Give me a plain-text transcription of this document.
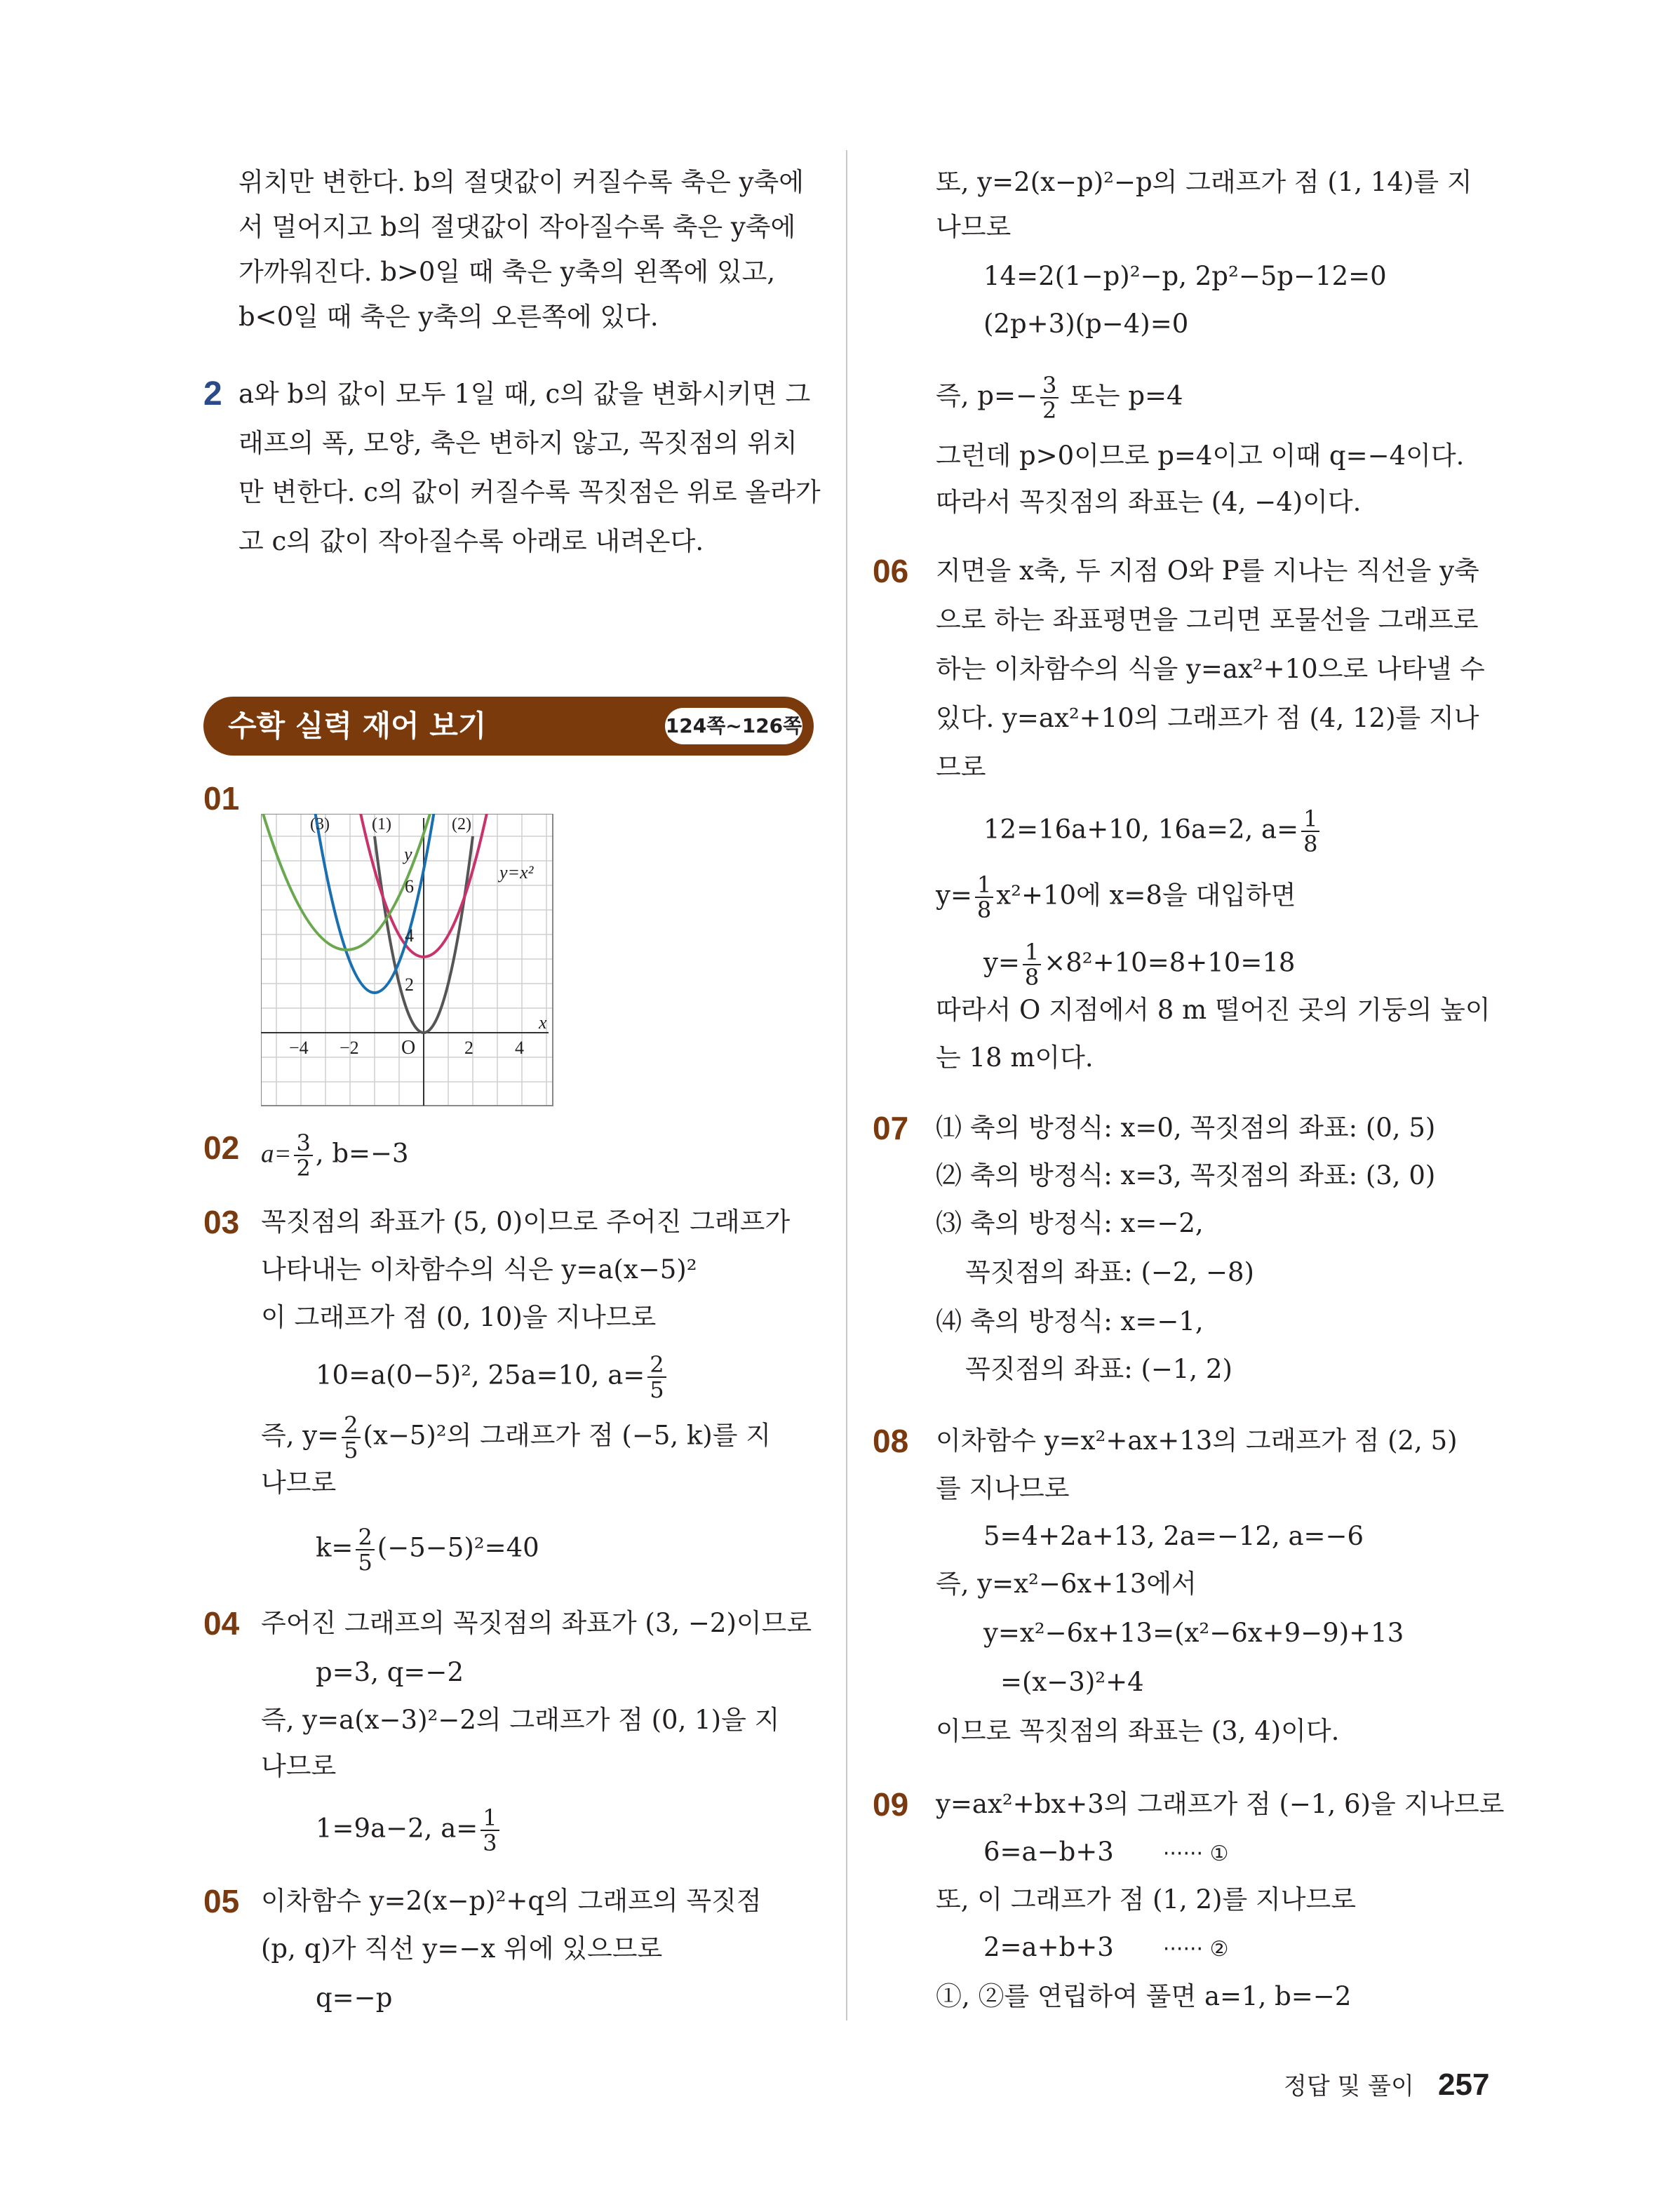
위치만 변한다. b의 절댓값이 커질수록 축은 y축에
서 멀어지고 b의 절댓값이 작아질수록 축은 y축에
가까워진다. b>0일 때 축은 y축의 왼쪽에 있고,
b<0일 때 축은 y축의 오른쪽에 있다.
2 a와 b의 값이 모두 1일 때, c의 값을 변화시키면 그
래프의 폭, 모양, 축은 변하지 않고, 꼭짓점의 위치
만 변한다. c의 값이 커질수록 꼭짓점은 위로 올라가
고 c의 값이 작아질수록 아래로 내려온다.
수학 실력 재어 보기	124쪽~126쪽
01
(3)	(1)	(2)
y=x²
y
x
O
−4 −2	2 4
2
4
6
02 $a= \frac{3}{2}$ , b=−3
03 꼭짓점의 좌표가 (5, 0)이므로 주어진 그래프가
나타내는 이차함수의 식은 y=a(x−5)²
이 그래프가 점 (0, 10)을 지나므로
10=a(0−5)², 25a=10, $a= \frac{2}{5}$
즉, $y= \frac{2}{5} (x-5)^2$의 그래프가 점 (−5, k)를 지
나므로
$k= \frac{2}{5} (-5-5)^2=40$
04 주어진 그래프의 꼭짓점의 좌표가 (3, −2)이므로
p=3, q=−2
즉, y=a(x−3)²−2의 그래프가 점 (0, 1)을 지
나므로
1=9a−2, $a= \frac{1}{3}$
05 이차함수 y=2(x−p)²+q의 그래프의 꼭짓점
(p, q)가 직선 y=−x 위에 있으므로
q=−p
또, y=2(x−p)²−p의 그래프가 점 (1, 14)를 지
나므로
14=2(1−p)²−p, 2p²−5p−12=0
(2p+3)(p−4)=0
즉, $p=- \frac{3}{2}$ 또는 p=4
그런데 p>0이므로 p=4이고 이때 q=−4이다.
따라서 꼭짓점의 좌표는 (4, −4)이다.
06 지면을 x축, 두 지점 O와 P를 지나는 직선을 y축
으로 하는 좌표평면을 그리면 포물선을 그래프로
하는 이차함수의 식을 y=ax²+10으로 나타낼 수
있다. y=ax²+10의 그래프가 점 (4, 12)를 지나
므로
12=16a+10, 16a=2, $a= \frac{1}{8}$
$y= \frac{1}{8} x^2+10$에 x=8을 대입하면
$y= \frac{1}{8} \times 8^2+10=8+10=18$
따라서 O 지점에서 8 m 떨어진 곳의 기둥의 높이
는 18 m이다.
07 ⑴ 축의 방정식: x=0, 꼭짓점의 좌표: (0, 5)
⑵ 축의 방정식: x=3, 꼭짓점의 좌표: (3, 0)
⑶ 축의 방정식: x=−2,
꼭짓점의 좌표: (−2, −8)
⑷ 축의 방정식: x=−1,
꼭짓점의 좌표: (−1, 2)
08 이차함수 y=x²+ax+13의 그래프가 점 (2, 5)
를 지나므로
5=4+2a+13, 2a=−12, a=−6
즉, y=x²−6x+13에서
y=x²−6x+13=(x²−6x+9−9)+13
=(x−3)²+4
이므로 꼭짓점의 좌표는 (3, 4)이다.
09 y=ax²+bx+3의 그래프가 점 (−1, 6)을 지나므로
6=a−b+3 ······ ①
또, 이 그래프가 점 (1, 2)를 지나므로
2=a+b+3 ······ ②
①, ②를 연립하여 풀면 a=1, b=−2
정답 및 풀이 257
